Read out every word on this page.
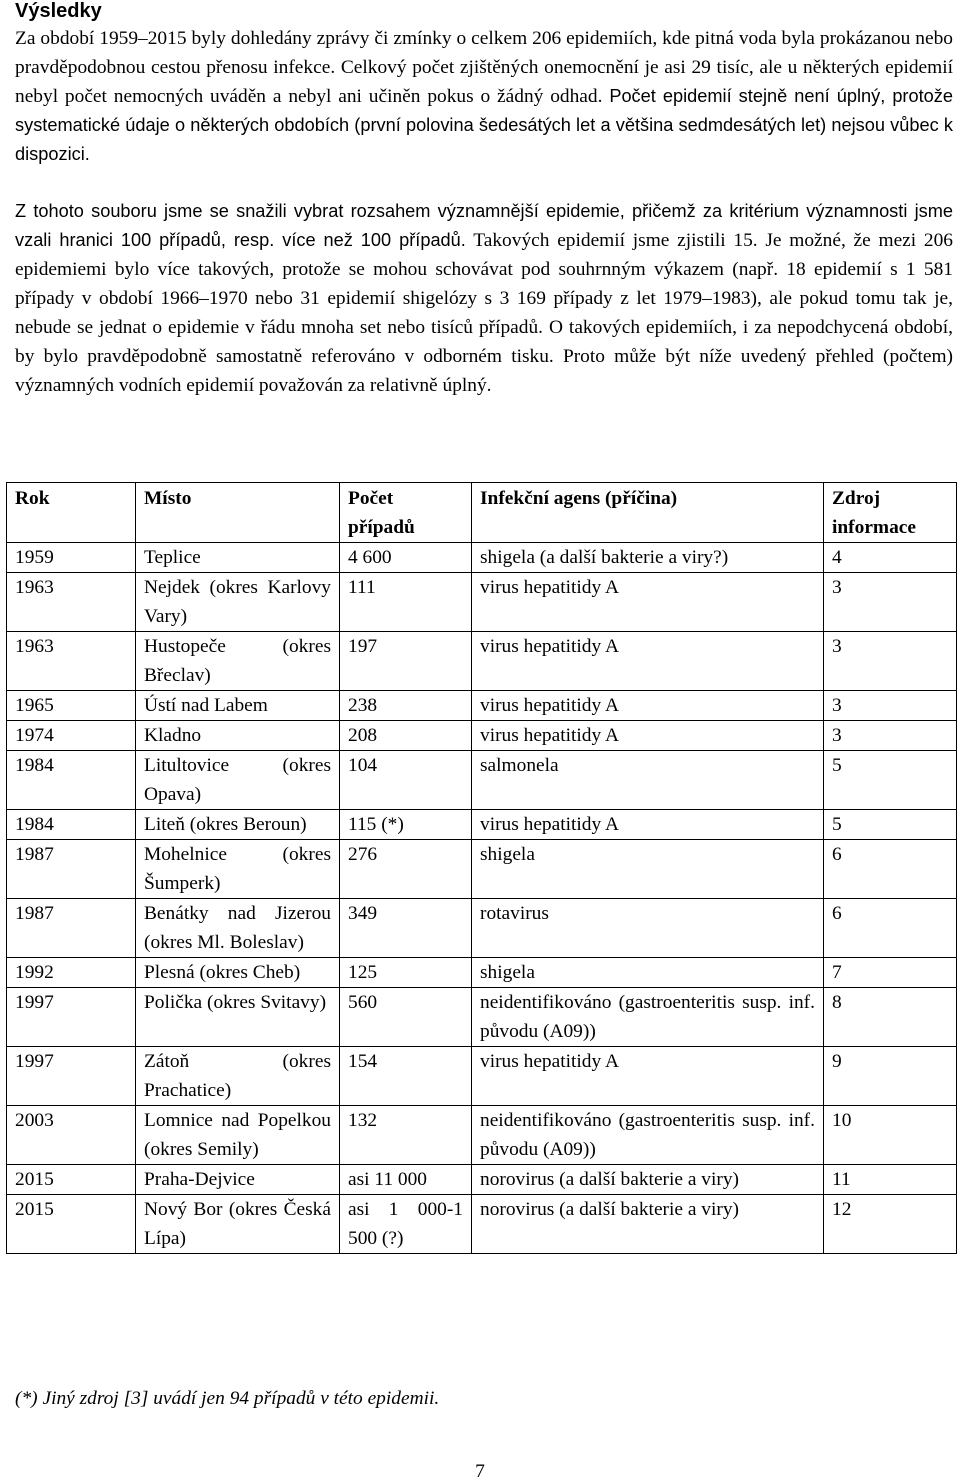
Výsledky

Za období 1959–2015 byly dohledány zprávy či zmínky o celkem 206 epidemiích, kde pitná voda byla prokázanou nebo pravděpodobnou cestou přenosu infekce. Celkový počet zjištěných onemocnění je asi 29 tisíc, ale u některých epidemií nebyl počet nemocných uváděn a nebyl ani učiněn pokus o žádný odhad. Počet epidemií stejně není úplný, protože systematické údaje o některých obdobích (první polovina šedesátých let a většina sedmdesátých let) nejsou vůbec k dispozici.

Z tohoto souboru jsme se snažili vybrat rozsahem významnější epidemie, přičemž za kritérium významnosti jsme vzali hranici 100 případů, resp. více než 100 případů. Takových epidemií jsme zjistili 15. Je možné, že mezi 206 epidemiemi bylo více takových, protože se mohou schovávat pod souhrnným výkazem (např. 18 epidemií s 1 581 případy v období 1966–1970 nebo 31 epidemií shigelózy s 3 169 případy z let 1979–1983), ale pokud tomu tak je, nebude se jednat o epidemie v řádu mnoha set nebo tisíců případů. O takových epidemiích, i za nepodchycená období, by bylo pravděpodobně samostatně referováno v odborném tisku. Proto může být níže uvedený přehled (počtem) významných vodních epidemií považován za relativně úplný.

Rok	Místo	Počet případů	Infekční agens (příčina)	Zdroj informace
1959	Teplice	4 600	shigela (a další bakterie a viry?)	4
1963	Nejdek (okres Karlovy Vary)	111	virus hepatitidy A	3
1963	Hustopeče (okres Břeclav)	197	virus hepatitidy A	3
1965	Ústí nad Labem	238	virus hepatitidy A	3
1974	Kladno	208	virus hepatitidy A	3
1984	Litultovice (okres Opava)	104	salmonela	5
1984	Liteň (okres Beroun)	115 (*)	virus hepatitidy A	5
1987	Mohelnice (okres Šumperk)	276	shigela	6
1987	Benátky nad Jizerou (okres Ml. Boleslav)	349	rotavirus	6
1992	Plesná (okres Cheb)	125	shigela	7
1997	Polička (okres Svitavy)	560	neidentifikováno (gastroenteritis susp. inf. původu (A09))	8
1997	Zátoň (okres Prachatice)	154	virus hepatitidy A	9
2003	Lomnice nad Popelkou (okres Semily)	132	neidentifikováno (gastroenteritis susp. inf. původu (A09))	10
2015	Praha-Dejvice	asi 11 000	norovirus (a další bakterie a viry)	11
2015	Nový Bor (okres Česká Lípa)	asi 1 000-1 500 (?)	norovirus (a další bakterie a viry)	12

(*) Jiný zdroj [3] uvádí jen 94 případů v této epidemii.

7
